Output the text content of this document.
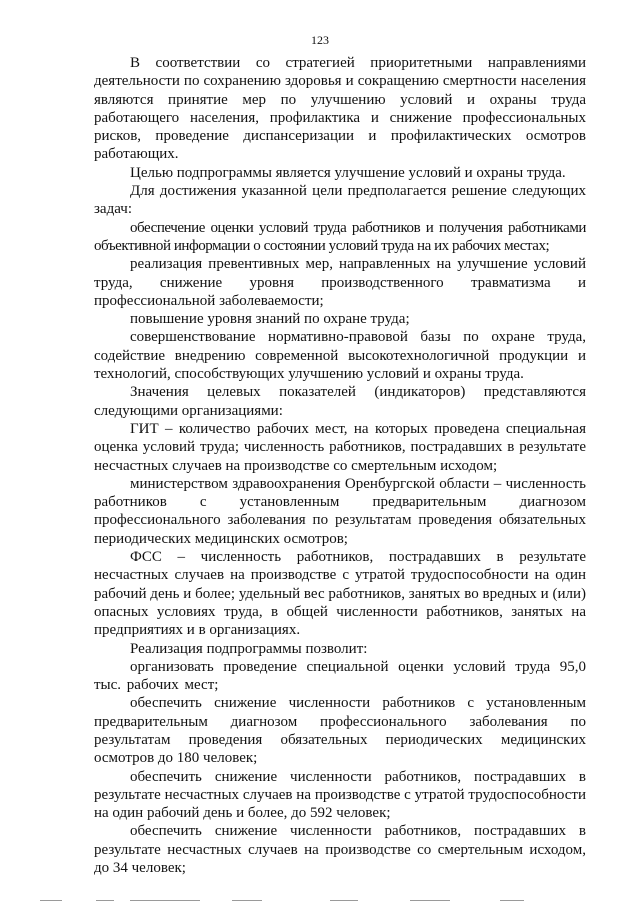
123

В соответствии со стратегией приоритетными направлениями деятельности по сохранению здоровья и сокращению смертности населения являются принятие мер по улучшению условий и охраны труда работающего населения, профилактика и снижение профессиональных рисков, проведение диспансеризации и профилактических осмотров работающих.

Целью подпрограммы является улучшение условий и охраны труда.

Для достижения указанной цели предполагается решение следующих задач:

обеспечение оценки условий труда работников и получения работниками объективной информации о состоянии условий труда на их рабочих местах;

реализация превентивных мер, направленных на улучшение условий труда, снижение уровня производственного травматизма и профессиональной заболеваемости;

повышение уровня знаний по охране труда;

совершенствование нормативно-правовой базы по охране труда, содействие внедрению современной высокотехнологичной продукции и технологий, способствующих улучшению условий и охраны труда.

Значения целевых показателей (индикаторов) представляются следующими организациями:

ГИТ – количество рабочих мест, на которых проведена специальная оценка условий труда; численность работников, пострадавших в результате несчастных случаев на производстве со смертельным исходом;

министерством здравоохранения Оренбургской области – численность работников с установленным предварительным диагнозом профессионального заболевания по результатам проведения обязательных периодических медицинских осмотров;

ФСС – численность работников, пострадавших в результате несчастных случаев на производстве с утратой трудоспособности на один рабочий день и более; удельный вес работников, занятых во вредных и (или) опасных условиях труда, в общей численности работников, занятых на предприятиях и в организациях.

Реализация подпрограммы позволит:

организовать проведение специальной оценки условий труда 95,0 тыс. рабочих мест;

обеспечить снижение численности работников с установленным предварительным диагнозом профессионального заболевания по результатам проведения обязательных периодических медицинских осмотров до 180 человек;

обеспечить снижение численности работников, пострадавших в результате несчастных случаев на производстве с утратой трудоспособности на один рабочий день и более, до 592 человек;

обеспечить снижение численности работников, пострадавших в результате несчастных случаев на производстве со смертельным исходом, до 34 человек;
